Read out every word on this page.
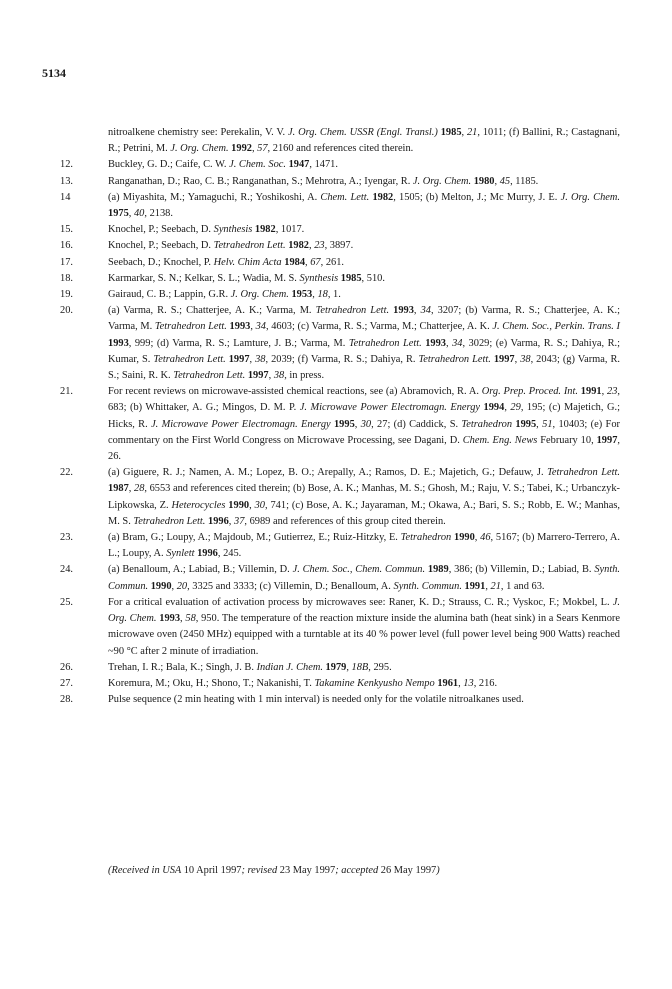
5134
nitroalkene chemistry see: Perekalin, V. V. J. Org. Chem. USSR (Engl. Transl.) 1985, 21, 1011; (f) Ballini, R.; Castagnani, R.; Petrini, M. J. Org. Chem. 1992, 57, 2160 and references cited therein.
12.	Buckley, G. D.; Caife, C. W. J. Chem. Soc. 1947, 1471.
13.	Ranganathan, D.; Rao, C. B.; Ranganathan, S.; Mehrotra, A.; Iyengar, R. J. Org. Chem. 1980, 45, 1185.
14	(a) Miyashita, M.; Yamaguchi, R.; Yoshikoshi, A. Chem. Lett. 1982, 1505; (b) Melton, J.; Mc Murry, J. E. J. Org. Chem. 1975, 40, 2138.
15.	Knochel, P.; Seebach, D. Synthesis 1982, 1017.
16.	Knochel, P.; Seebach, D. Tetrahedron Lett. 1982, 23, 3897.
17.	Seebach, D.; Knochel, P. Helv. Chim Acta 1984, 67, 261.
18.	Karmarkar, S. N.; Kelkar, S. L.; Wadia, M. S. Synthesis 1985, 510.
19.	Gairaud, C. B.; Lappin, G.R. J. Org. Chem. 1953, 18, 1.
20.	(a) Varma, R. S.; Chatterjee, A. K.; Varma, M. Tetrahedron Lett. 1993, 34, 3207; (b) Varma, R. S.; Chatterjee, A. K.; Varma, M. Tetrahedron Lett. 1993, 34, 4603; (c) Varma, R. S.; Varma, M.; Chatterjee, A. K. J. Chem. Soc., Perkin. Trans. I 1993, 999; (d) Varma, R. S.; Lamture, J. B.; Varma, M. Tetrahedron Lett. 1993, 34, 3029; (e) Varma, R. S.; Dahiya, R.; Kumar, S. Tetrahedron Lett. 1997, 38, 2039; (f) Varma, R. S.; Dahiya, R. Tetrahedron Lett. 1997, 38, 2043; (g) Varma, R. S.; Saini, R. K. Tetrahedron Lett. 1997, 38, in press.
21.	For recent reviews on microwave-assisted chemical reactions, see (a) Abramovich, R. A. Org. Prep. Proced. Int. 1991, 23, 683; (b) Whittaker, A. G.; Mingos, D. M. P. J. Microwave Power Electromagn. Energy 1994, 29, 195; (c) Majetich, G.; Hicks, R. J. Microwave Power Electromagn. Energy 1995, 30, 27; (d) Caddick, S. Tetrahedron 1995, 51, 10403; (e) For commentary on the First World Congress on Microwave Processing, see Dagani, D. Chem. Eng. News February 10, 1997, 26.
22.	(a) Giguere, R. J.; Namen, A. M.; Lopez, B. O.; Arepally, A.; Ramos, D. E.; Majetich, G.; Defauw, J. Tetrahedron Lett. 1987, 28, 6553 and references cited therein; (b) Bose, A. K.; Manhas, M. S.; Ghosh, M.; Raju, V. S.; Tabei, K.; Urbanczyk-Lipkowska, Z. Heterocycles 1990, 30, 741; (c) Bose, A. K.; Jayaraman, M.; Okawa, A.; Bari, S. S.; Robb, E. W.; Manhas, M. S. Tetrahedron Lett. 1996, 37, 6989 and references of this group cited therein.
23.	(a) Bram, G.; Loupy, A.; Majdoub, M.; Gutierrez, E.; Ruiz-Hitzky, E. Tetrahedron 1990, 46, 5167; (b) Marrero-Terrero, A. L.; Loupy, A. Synlett 1996, 245.
24.	(a) Benalloum, A.; Labiad, B.; Villemin, D. J. Chem. Soc., Chem. Commun. 1989, 386; (b) Villemin, D.; Labiad, B. Synth. Commun. 1990, 20, 3325 and 3333; (c) Villemin, D.; Benalloum, A. Synth. Commun. 1991, 21, 1 and 63.
25.	For a critical evaluation of activation process by microwaves see: Raner, K. D.; Strauss, C. R.; Vyskoc, F.; Mokbel, L. J. Org. Chem. 1993, 58, 950. The temperature of the reaction mixture inside the alumina bath (heat sink) in a Sears Kenmore microwave oven (2450 MHz) equipped with a turntable at its 40 % power level (full power level being 900 Watts) reached ~90 °C after 2 minute of irradiation.
26.	Trehan, I. R.; Bala, K.; Singh, J. B. Indian J. Chem. 1979, 18B, 295.
27.	Koremura, M.; Oku, H.; Shono, T.; Nakanishi, T. Takamine Kenkyusho Nempo 1961, 13, 216.
28.	Pulse sequence (2 min heating with 1 min interval) is needed only for the volatile nitroalkanes used.
(Received in USA 10 April 1997; revised 23 May 1997; accepted 26 May 1997)
